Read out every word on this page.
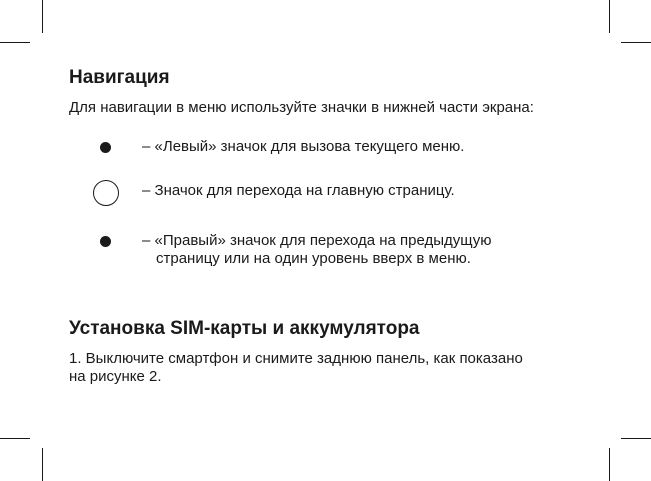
Навигация

Для навигации в меню используйте значки в нижней части экрана:

– «Левый» значок для вызова текущего меню.

– Значок для перехода на главную страницу.

– «Правый» значок для перехода на предыдущую
страницу или на один уровень вверх в меню.

Установка SIM-карты и аккумулятора

1. Выключите смартфон и снимите заднюю панель, как показано
на рисунке 2.
